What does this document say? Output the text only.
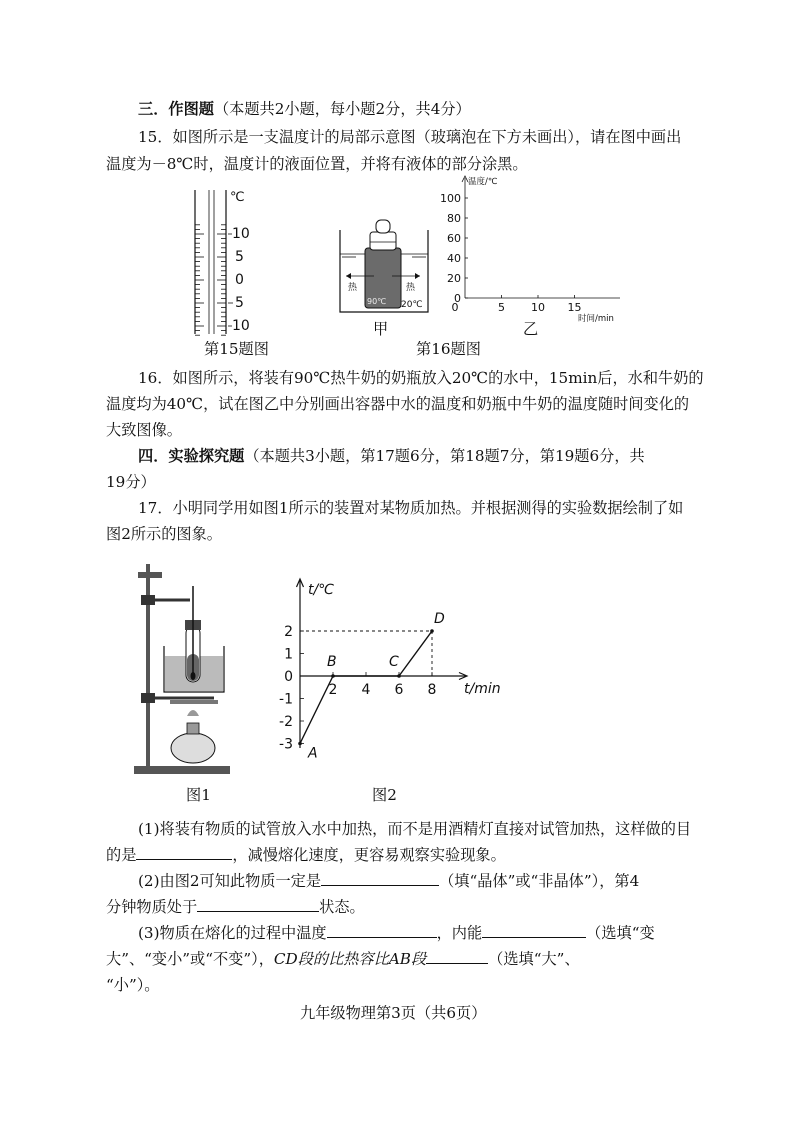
三．作图题（本题共2小题，每小题2分，共4分）
15．如图所示是一支温度计的局部示意图（玻璃泡在下方未画出），请在图中画出
温度为－8℃时，温度计的液面位置，并将有液体的部分涂黑。
℃
10
5
0
5
10
第15题图
热	热
90℃ 20℃
甲
0
20
40
60
80
100
0	5 10 15
温度/℃
时间/min
乙
第16题图
16．如图所示，将装有90℃热牛奶的奶瓶放入20℃的水中，15min后，水和牛奶的
温度均为40℃，试在图乙中分别画出容器中水的温度和奶瓶中牛奶的温度随时间变化的
大致图像。
四．实验探究题（本题共3小题，第17题6分，第18题7分，第19题6分，共
19分）
17．小明同学用如图1所示的装置对某物质加热。并根据测得的实验数据绘制了如
图2所示的图象。
图1
-3
-2
-1
0
1
2
2 4 6 8
A
B	C
D
t/℃
t/min
图2
(1)将装有物质的试管放入水中加热，而不是用酒精灯直接对试管加热，这样做的目
的是	，减慢熔化速度，更容易观察实验现象。
(2)由图2可知此物质一定是	（填“晶体”或“非晶体”），第4
分钟物质处于	状态。
(3)物质在熔化的过程中温度	，内能	（选填“变
大”、“变小”或“不变”），CD段的比热容比AB段	（选填“大”、
“小”）。
九年级物理第3页（共6页）
